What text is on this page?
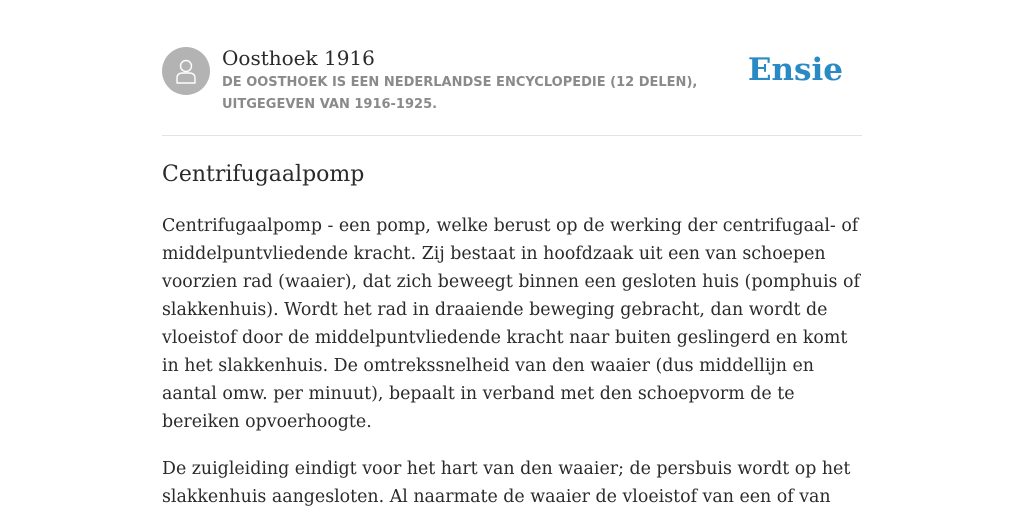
Oosthoek 1916
DE OOSTHOEK IS EEN NEDERLANDSE ENCYCLOPEDIE (12 DELEN), UITGEGEVEN VAN 1916-1925.
Ensie
Centrifugaalpomp

Centrifugaalpomp - een pomp, welke berust op de werking der centrifugaal- of middelpuntvliedende kracht. Zij bestaat in hoofdzaak uit een van schoepen voorzien rad (waaier), dat zich beweegt binnen een gesloten huis (pomphuis of slakkenhuis). Wordt het rad in draaiende beweging gebracht, dan wordt de vloeistof door de middelpuntvliedende kracht naar buiten geslingerd en komt in het slakkenhuis. De omtrekssnelheid van den waaier (dus middellijn en aantal omw. per minuut), bepaalt in verband met den schoepvorm de te bereiken opvoerhoogte.

De zuigleiding eindigt voor het hart van den waaier; de persbuis wordt op het slakkenhuis aangesloten. Al naarmate de waaier de vloeistof van een of van
